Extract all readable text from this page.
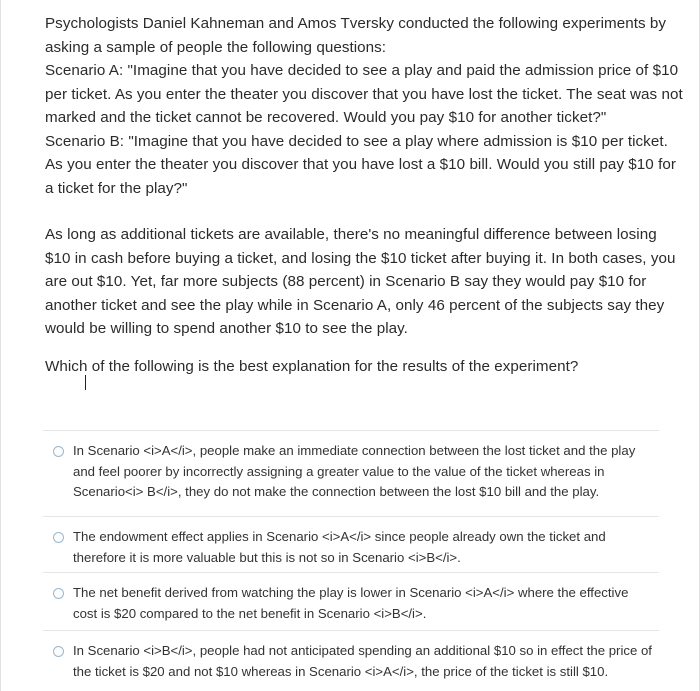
Psychologists Daniel Kahneman and Amos Tversky conducted the following experiments by asking a sample of people the following questions:

Scenario A: "Imagine that you have decided to see a play and paid the admission price of $10 per ticket. As you enter the theater you discover that you have lost the ticket. The seat was not marked and the ticket cannot be recovered. Would you pay $10 for another ticket?"

Scenario B: "Imagine that you have decided to see a play where admission is $10 per ticket. As you enter the theater you discover that you have lost a $10 bill. Would you still pay $10 for a ticket for the play?"

As long as additional tickets are available, there's no meaningful difference between losing $10 in cash before buying a ticket, and losing the $10 ticket after buying it. In both cases, you are out $10. Yet, far more subjects (88 percent) in Scenario B say they would pay $10 for another ticket and see the play while in Scenario A, only 46 percent of the subjects say they would be willing to spend another $10 to see the play.

Which of the following is the best explanation for the results of the experiment?

In Scenario <i>A</i>, people make an immediate connection between the lost ticket and the play and feel poorer by incorrectly assigning a greater value to the value of the ticket whereas in Scenario<i> B</i>, they do not make the connection between the lost $10 bill and the play.
The endowment effect applies in Scenario <i>A</i> since people already own the ticket and therefore it is more valuable but this is not so in Scenario <i>B</i>.
The net benefit derived from watching the play is lower in Scenario <i>A</i> where the effective cost is $20 compared to the net benefit in Scenario <i>B</i>.
In Scenario <i>B</i>, people had not anticipated spending an additional $10 so in effect the price of the ticket is $20 and not $10 whereas in Scenario <i>A</i>, the price of the ticket is still $10.
